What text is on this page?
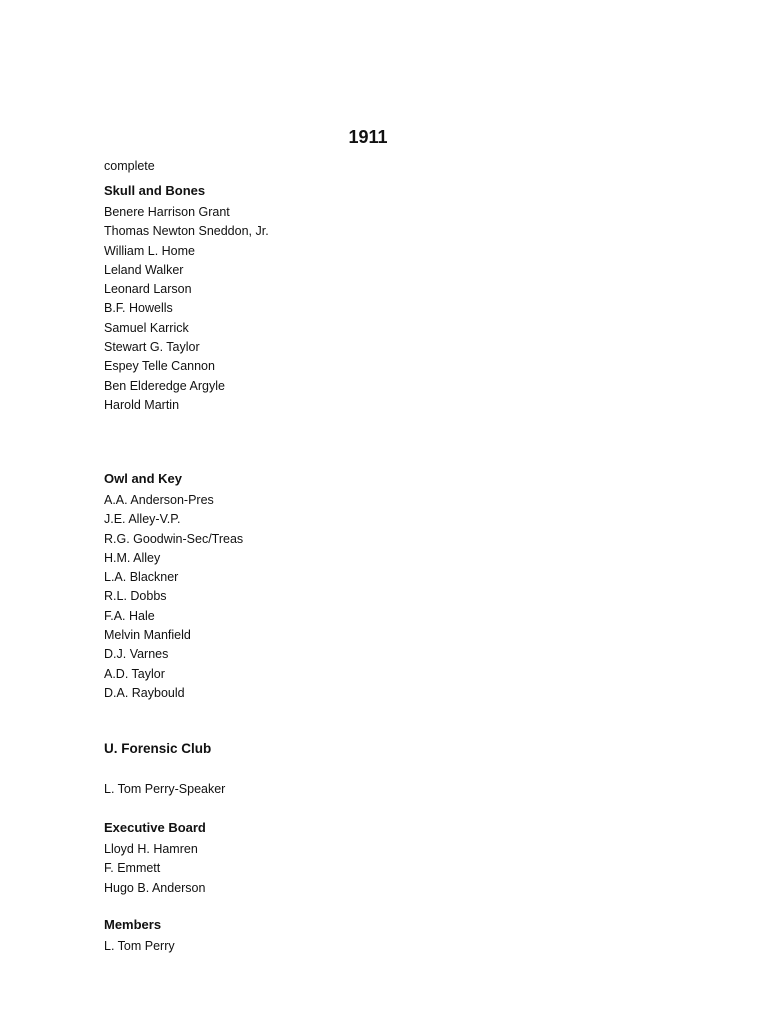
1911
complete
Skull and Bones
Benere Harrison Grant
Thomas Newton Sneddon, Jr.
William L. Home
Leland Walker
Leonard Larson
B.F. Howells
Samuel Karrick
Stewart G. Taylor
Espey Telle Cannon
Ben Elderedge Argyle
Harold Martin
Owl and Key
A.A. Anderson-Pres
J.E. Alley-V.P.
R.G. Goodwin-Sec/Treas
H.M. Alley
L.A. Blackner
R.L. Dobbs
F.A. Hale
Melvin Manfield
D.J. Varnes
A.D. Taylor
D.A. Raybould
U. Forensic Club
L. Tom Perry-Speaker
Executive Board
Lloyd H. Hamren
F. Emmett
Hugo B. Anderson
Members
L. Tom Perry
